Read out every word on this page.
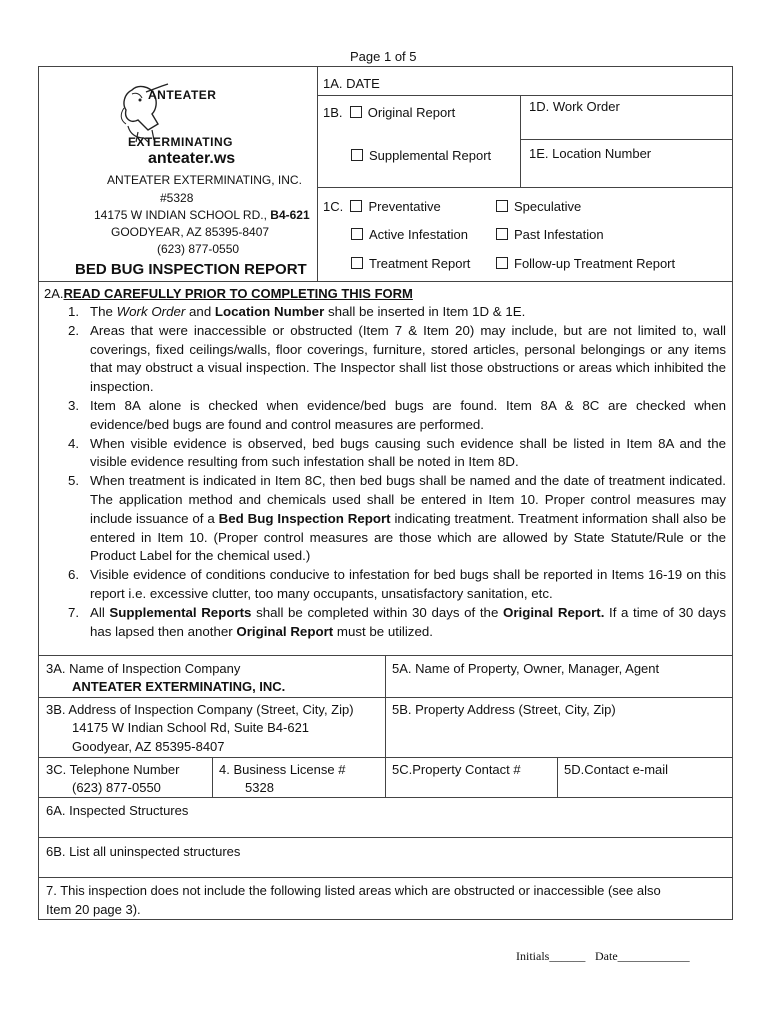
Page 1 of 5
ANTEATER
EXTERMINATING
anteater.ws
ANTEATER EXTERMINATING, INC.
#5328
14175 W INDIAN SCHOOL RD., B4-621
GOODYEAR, AZ 85395-8407
(623) 877-0550
BED BUG INSPECTION REPORT
1A. DATE
1B. Original Report
Supplemental Report
1D. Work Order
1E. Location Number
1C. Preventative	Speculative
Active Infestation	Past Infestation
Treatment Report	Follow-up Treatment Report
2A.READ CAREFULLY PRIOR TO COMPLETING THIS FORM
1. The Work Order and Location Number shall be inserted in Item 1D & 1E.
2. Areas that were inaccessible or obstructed (Item 7 & Item 20) may include, but are not limited to, wall coverings, fixed ceilings/walls, floor coverings, furniture, stored articles, personal belongings or any items that may obstruct a visual inspection. The Inspector shall list those obstructions or areas which inhibited the inspection.
3. Item 8A alone is checked when evidence/bed bugs are found. Item 8A & 8C are checked when evidence/bed bugs are found and control measures are performed.
4. When visible evidence is observed, bed bugs causing such evidence shall be listed in Item 8A and the visible evidence resulting from such infestation shall be noted in Item 8D.
5. When treatment is indicated in Item 8C, then bed bugs shall be named and the date of treatment indicated. The application method and chemicals used shall be entered in Item 10. Proper control measures may include issuance of a Bed Bug Inspection Report indicating treatment. Treatment information shall also be entered in Item 10. (Proper control measures are those which are allowed by State Statute/Rule or the Product Label for the chemical used.)
6. Visible evidence of conditions conducive to infestation for bed bugs shall be reported in Items 16-19 on this report i.e. excessive clutter, too many occupants, unsatisfactory sanitation, etc.
7. All Supplemental Reports shall be completed within 30 days of the Original Report. If a time of 30 days has lapsed then another Original Report must be utilized.
3A. Name of Inspection Company
ANTEATER EXTERMINATING, INC.
5A. Name of Property, Owner, Manager, Agent
3B. Address of Inspection Company (Street, City, Zip)
14175 W Indian School Rd, Suite B4-621
Goodyear, AZ 85395-8407
5B. Property Address (Street, City, Zip)
3C. Telephone Number
(623) 877-0550
4. Business License #
5328
5C.Property Contact #	5D.Contact e-mail
6A. Inspected Structures
6B. List all uninspected structures
7. This inspection does not include the following listed areas which are obstructed or inaccessible (see also
Item 20 page 3).
Initials______ Date____________
